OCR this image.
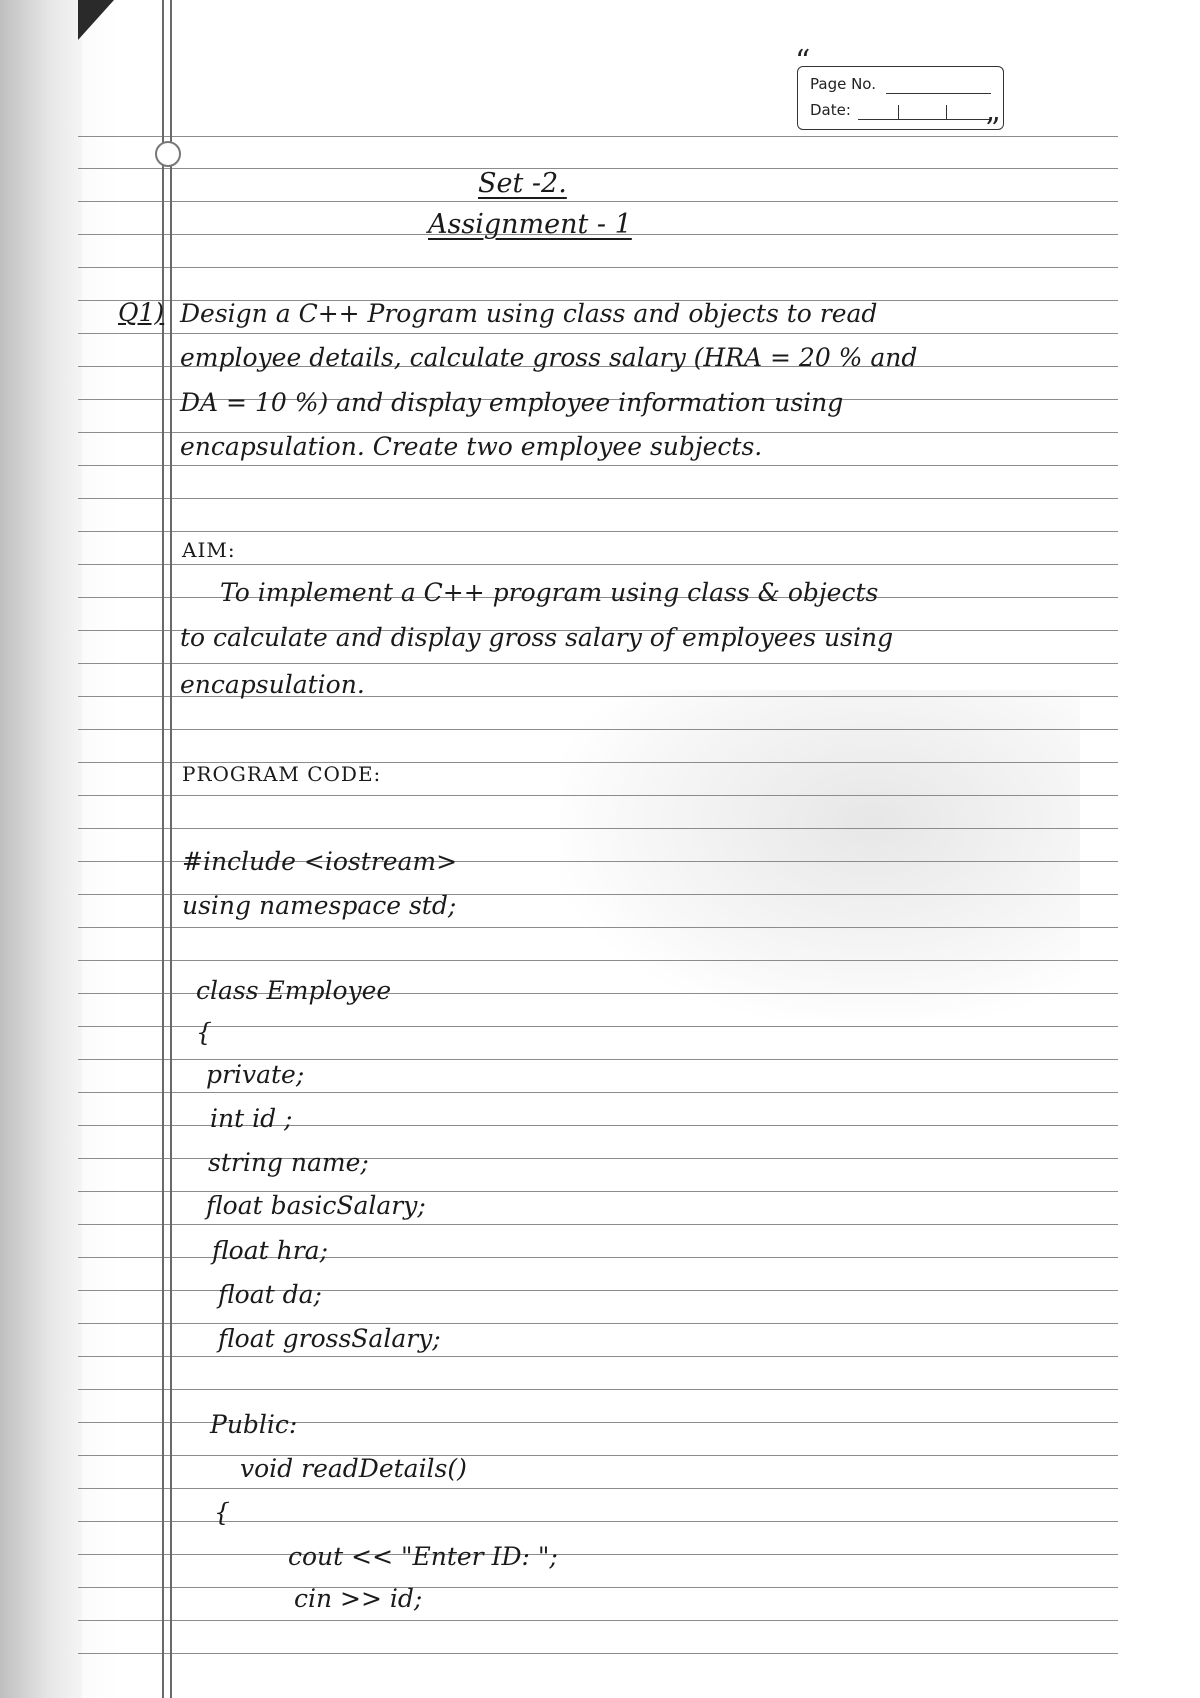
“
Page No.
Date:
”
Set -2.
Assignment - 1
Q1) Design a C++ Program using class and objects to read
employee details, calculate gross salary (HRA = 20 % and
DA = 10 %) and display employee information using
encapsulation. Create two employee subjects.
AIM:
To implement a C++ program using class & objects
to calculate and display gross salary of employees using
encapsulation.
PROGRAM CODE:
#include <iostream>
using namespace std;
class Employee
{
private;
int id ;
string name;
float basicSalary;
float hra;
float da;
float grossSalary;
Public:
void readDetails()
{
cout << "Enter ID: ";
cin >> id;
